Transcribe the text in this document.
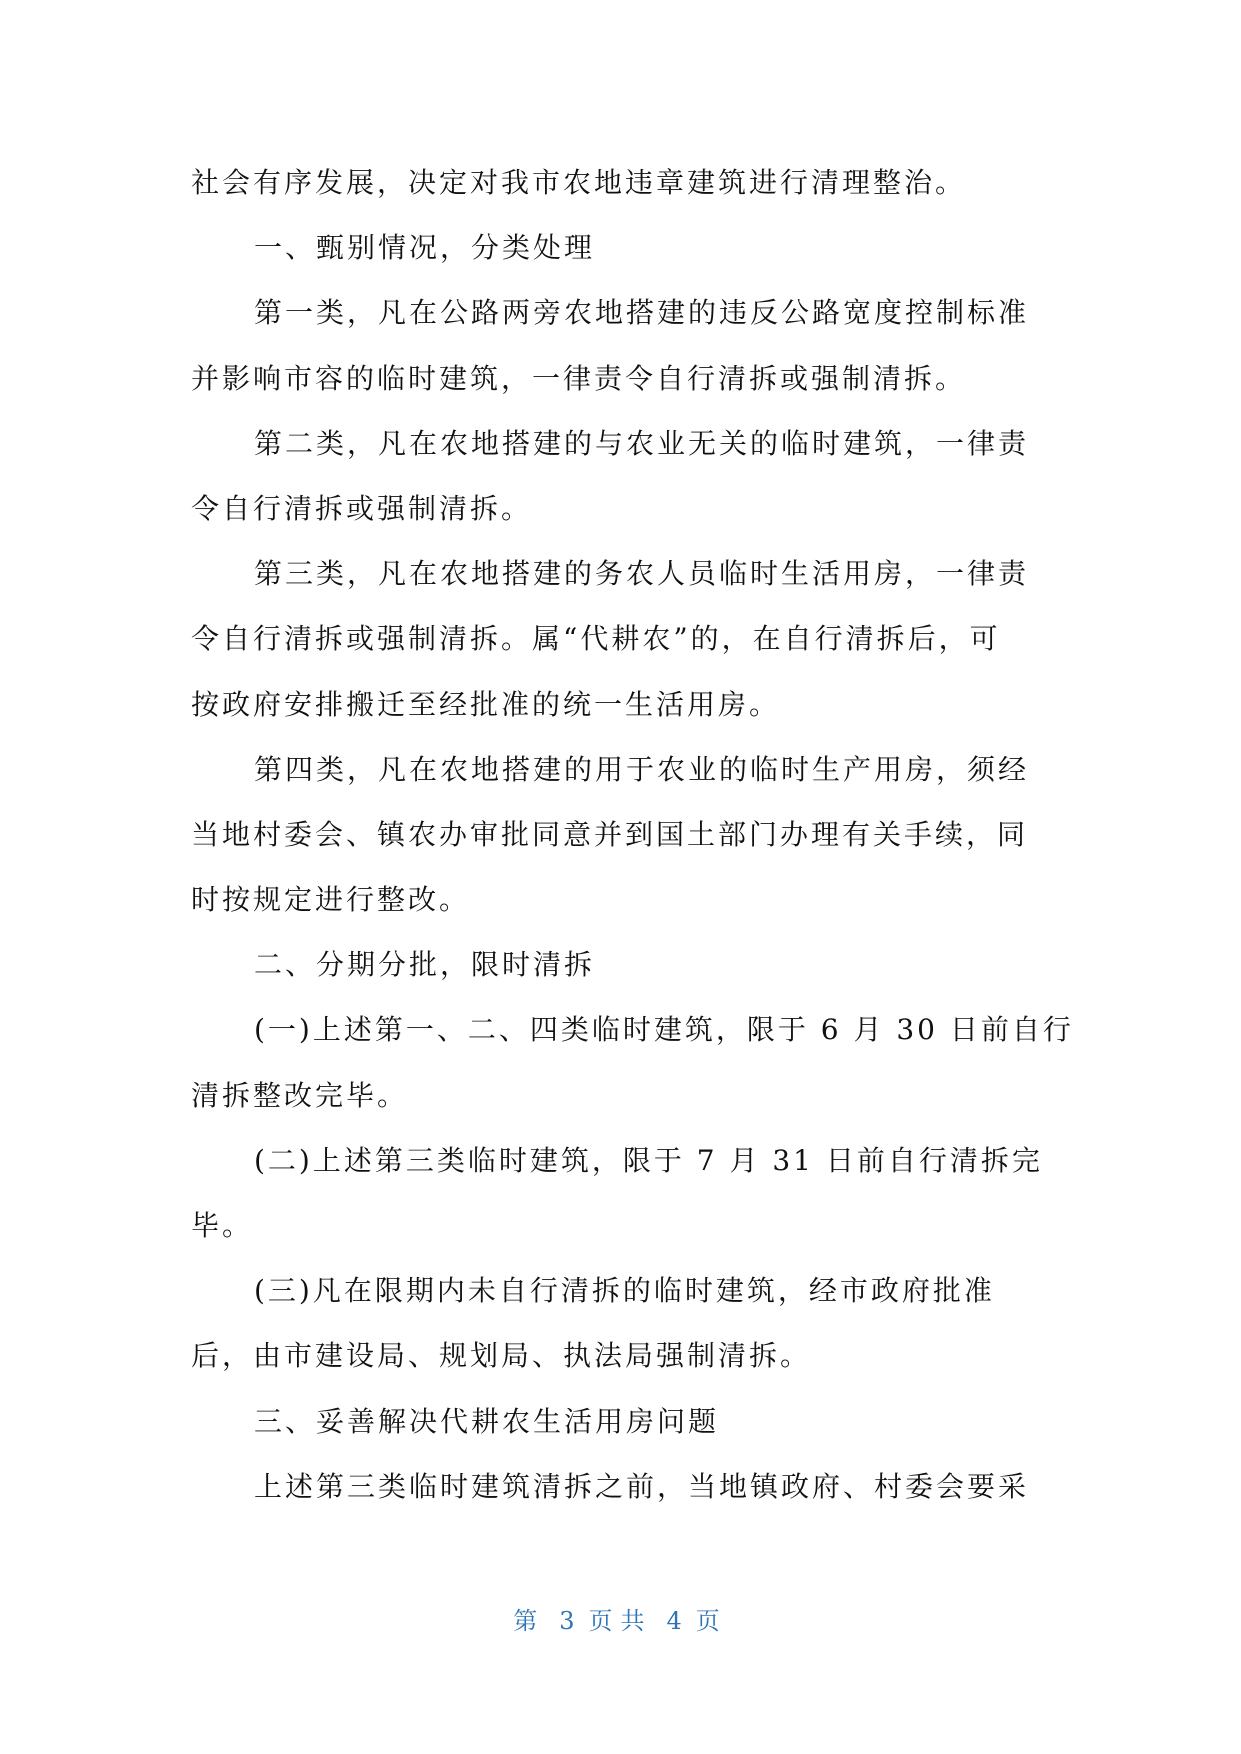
社会有序发展，决定对我市农地违章建筑进行清理整治。
一、甄别情况，分类处理
第一类，凡在公路两旁农地搭建的违反公路宽度控制标准
并影响市容的临时建筑，一律责令自行清拆或强制清拆。
第二类，凡在农地搭建的与农业无关的临时建筑，一律责
令自行清拆或强制清拆。
第三类，凡在农地搭建的务农人员临时生活用房，一律责
令自行清拆或强制清拆。属“代耕农”的，在自行清拆后，可
按政府安排搬迁至经批准的统一生活用房。
第四类，凡在农地搭建的用于农业的临时生产用房，须经
当地村委会、镇农办审批同意并到国土部门办理有关手续，同
时按规定进行整改。
二、分期分批，限时清拆
(一)上述第一、二、四类临时建筑，限于 6 月 30 日前自行
清拆整改完毕。
(二)上述第三类临时建筑，限于 7 月 31 日前自行清拆完
毕。
(三)凡在限期内未自行清拆的临时建筑，经市政府批准
后，由市建设局、规划局、执法局强制清拆。
三、妥善解决代耕农生活用房问题
上述第三类临时建筑清拆之前，当地镇政府、村委会要采
第 3 页共 4 页
